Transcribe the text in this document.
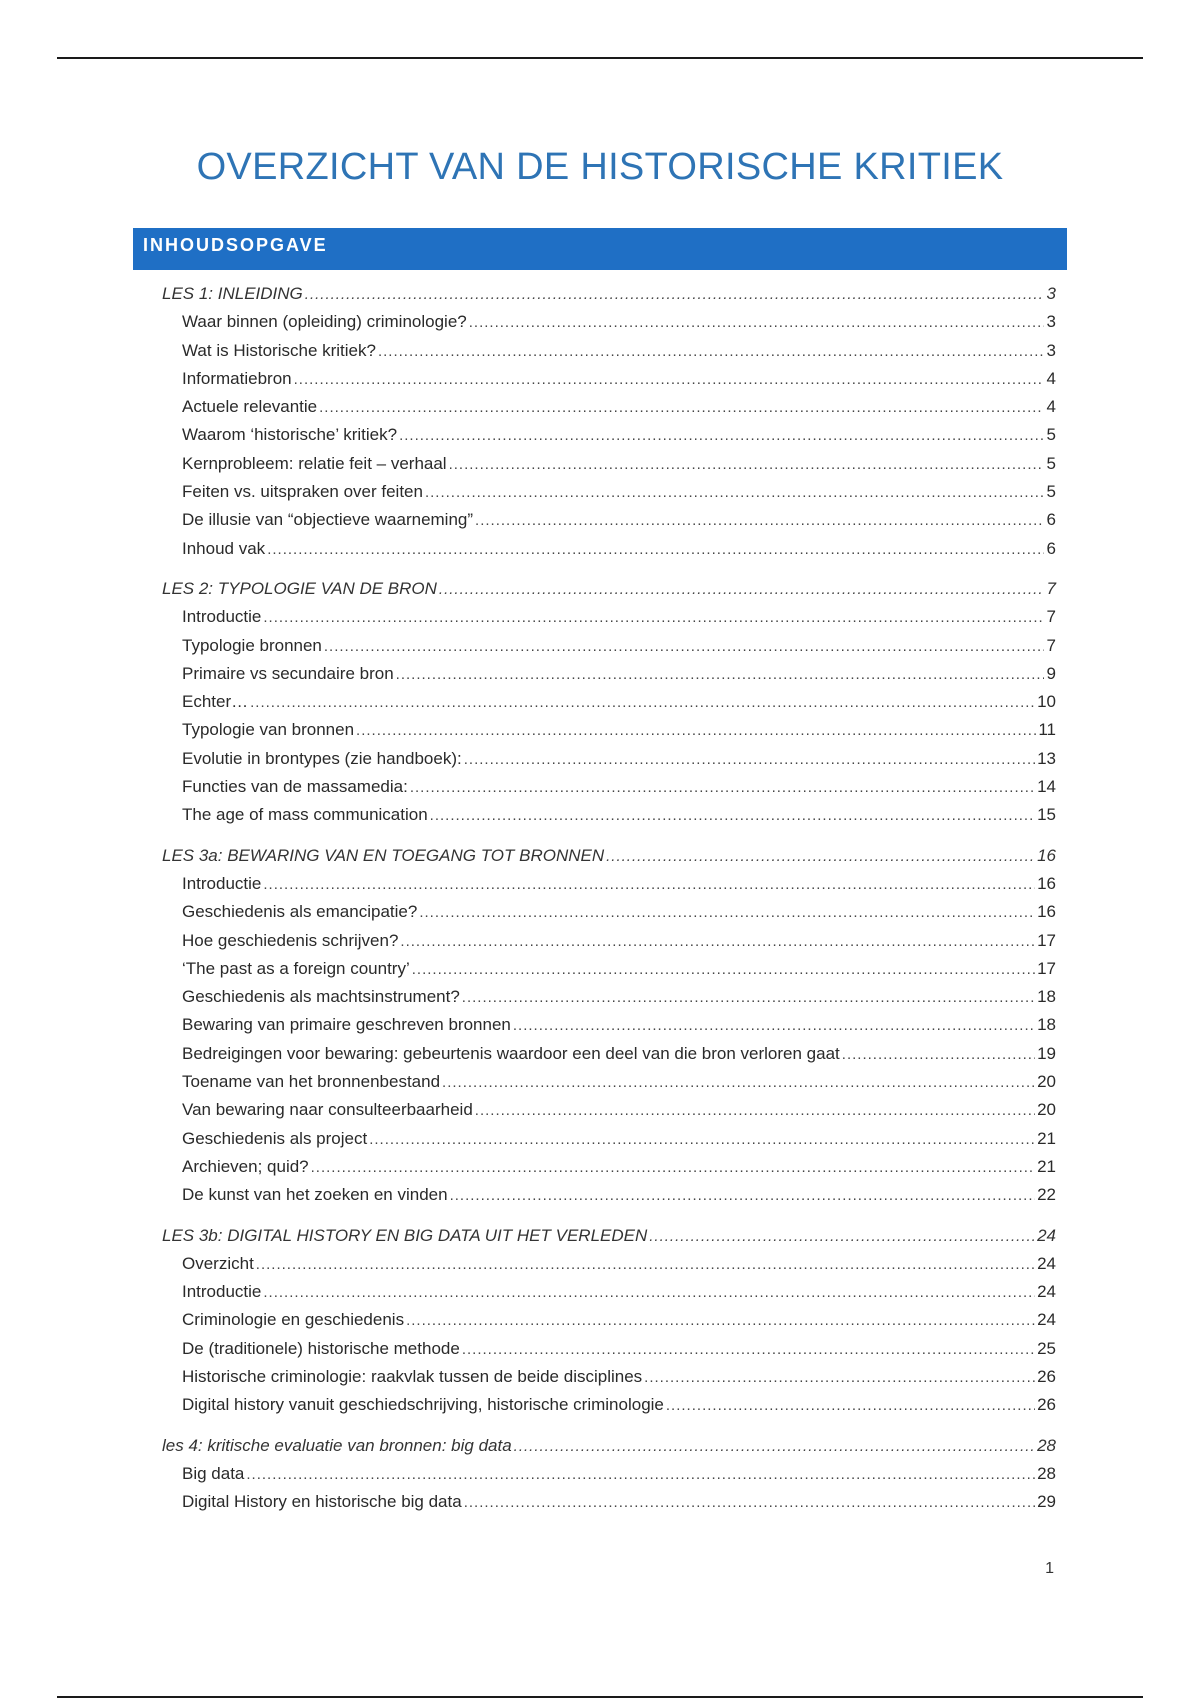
OVERZICHT VAN DE HISTORISCHE KRITIEK
INHOUDSOPGAVE
LES 1: INLEIDING .....	3
Waar binnen (opleiding) criminologie? .....	3
Wat is Historische kritiek? .....	3
Informatiebron .....	4
Actuele relevantie .....	4
Waarom ‘historische’ kritiek? .....	5
Kernprobleem: relatie feit – verhaal .....	5
Feiten vs. uitspraken over feiten .....	5
De illusie van “objectieve waarneming” .....	6
Inhoud vak .....	6
LES 2: TYPOLOGIE VAN DE BRON .....	7
Introductie .....	7
Typologie bronnen .....	7
Primaire vs secundaire bron .....	9
Echter… .....	10
Typologie van bronnen .....	11
Evolutie in brontypes (zie handboek): .....	13
Functies van de massamedia: .....	14
The age of mass communication .....	15
LES 3a: BEWARING VAN EN TOEGANG TOT BRONNEN .....	16
Introductie .....	16
Geschiedenis als emancipatie? .....	16
Hoe geschiedenis schrijven? .....	17
‘The past as a foreign country’ .....	17
Geschiedenis als machtsinstrument? .....	18
Bewaring van primaire geschreven bronnen .....	18
Bedreigingen voor bewaring: gebeurtenis waardoor een deel van die bron verloren gaat .....	19
Toename van het bronnenbestand .....	20
Van bewaring naar consulteerbaarheid .....	20
Geschiedenis als project .....	21
Archieven; quid? .....	21
De kunst van het zoeken en vinden .....	22
LES 3b: DIGITAL HISTORY EN BIG DATA UIT HET VERLEDEN .....	24
Overzicht .....	24
Introductie .....	24
Criminologie en geschiedenis .....	24
De (traditionele) historische methode .....	25
Historische criminologie: raakvlak tussen de beide disciplines .....	26
Digital history vanuit geschiedschrijving, historische criminologie .....	26
les 4: kritische evaluatie van bronnen: big data .....	28
Big data .....	28
Digital History en historische big data .....	29
1
